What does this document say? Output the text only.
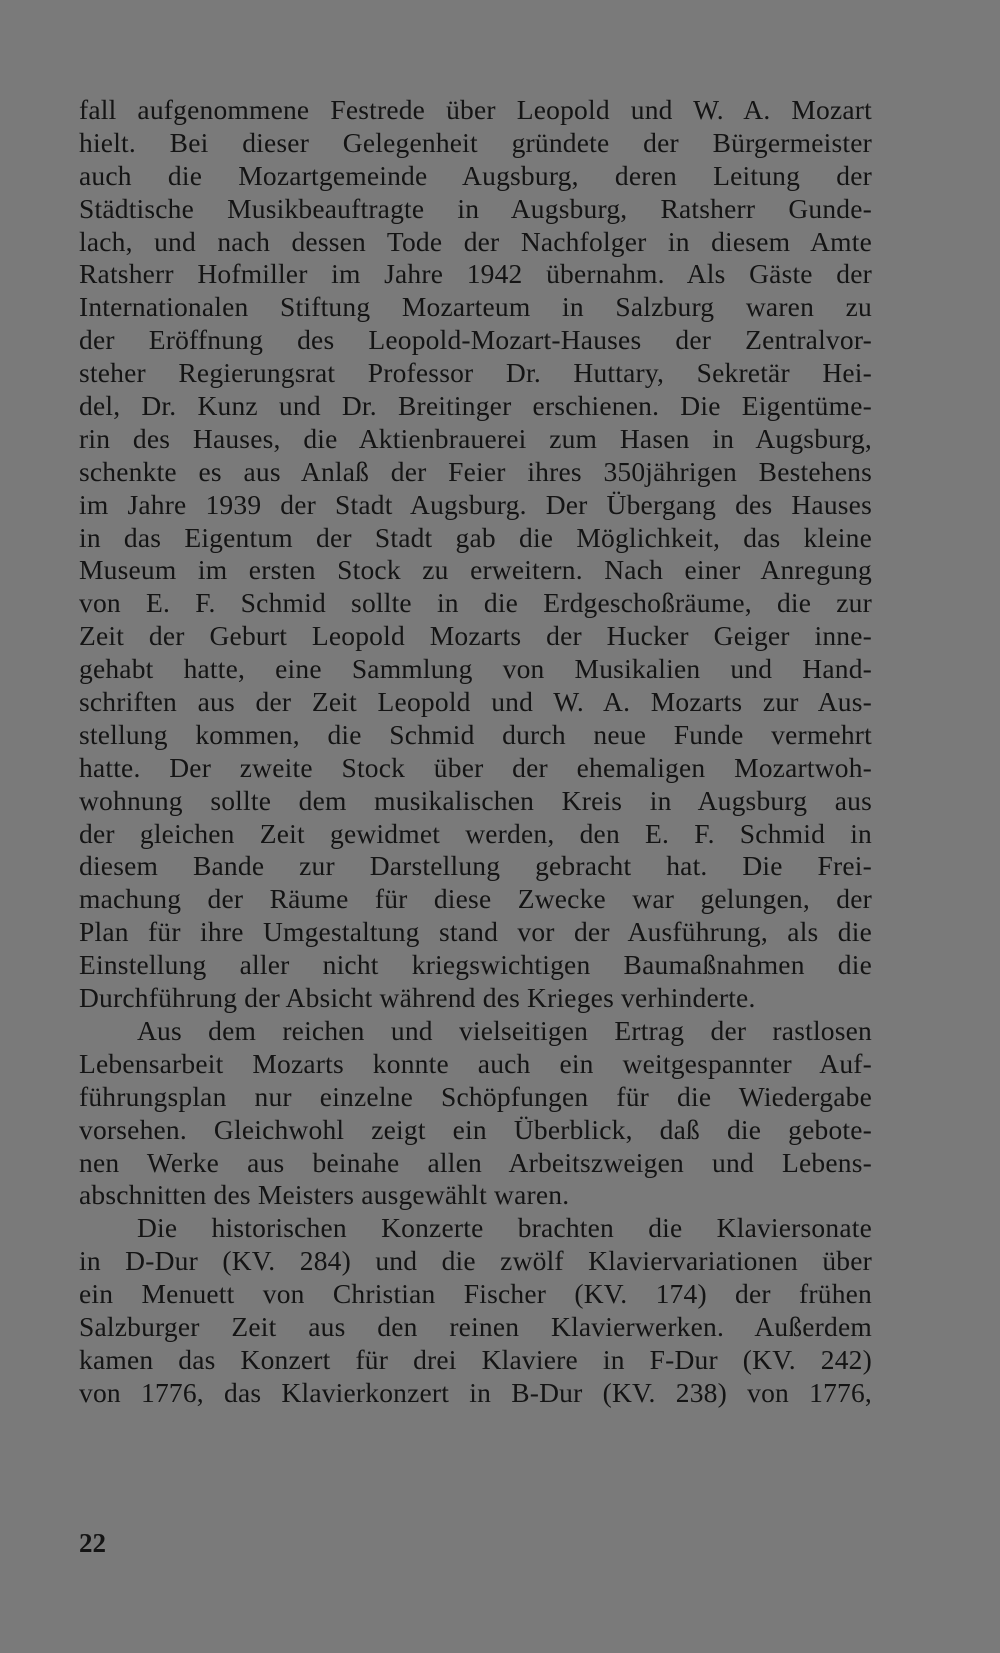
fall aufgenommene Festrede über Leopold und W. A. Mozart
hielt. Bei dieser Gelegenheit gründete der Bürgermeister
auch die Mozartgemeinde Augsburg, deren Leitung der
Städtische Musikbeauftragte in Augsburg, Ratsherr Gunde-
lach, und nach dessen Tode der Nachfolger in diesem Amte
Ratsherr Hofmiller im Jahre 1942 übernahm. Als Gäste der
Internationalen Stiftung Mozarteum in Salzburg waren zu
der Eröffnung des Leopold-Mozart-Hauses der Zentralvor-
steher Regierungsrat Professor Dr. Huttary, Sekretär Hei-
del, Dr. Kunz und Dr. Breitinger erschienen. Die Eigentüme-
rin des Hauses, die Aktienbrauerei zum Hasen in Augsburg,
schenkte es aus Anlaß der Feier ihres 350jährigen Bestehens
im Jahre 1939 der Stadt Augsburg. Der Übergang des Hauses
in das Eigentum der Stadt gab die Möglichkeit, das kleine
Museum im ersten Stock zu erweitern. Nach einer Anregung
von E. F. Schmid sollte in die Erdgeschoßräume, die zur
Zeit der Geburt Leopold Mozarts der Hucker Geiger inne-
gehabt hatte, eine Sammlung von Musikalien und Hand-
schriften aus der Zeit Leopold und W. A. Mozarts zur Aus-
stellung kommen, die Schmid durch neue Funde vermehrt
hatte. Der zweite Stock über der ehemaligen Mozartwoh-
wohnung sollte dem musikalischen Kreis in Augsburg aus
der gleichen Zeit gewidmet werden, den E. F. Schmid in
diesem Bande zur Darstellung gebracht hat. Die Frei-
machung der Räume für diese Zwecke war gelungen, der
Plan für ihre Umgestaltung stand vor der Ausführung, als die
Einstellung aller nicht kriegswichtigen Baumaßnahmen die
Durchführung der Absicht während des Krieges verhinderte.
Aus dem reichen und vielseitigen Ertrag der rastlosen
Lebensarbeit Mozarts konnte auch ein weitgespannter Auf-
führungsplan nur einzelne Schöpfungen für die Wiedergabe
vorsehen. Gleichwohl zeigt ein Überblick, daß die gebote-
nen Werke aus beinahe allen Arbeitszweigen und Lebens-
abschnitten des Meisters ausgewählt waren.
Die historischen Konzerte brachten die Klaviersonate
in D-Dur (KV. 284) und die zwölf Klaviervariationen über
ein Menuett von Christian Fischer (KV. 174) der frühen
Salzburger Zeit aus den reinen Klavierwerken. Außerdem
kamen das Konzert für drei Klaviere in F-Dur (KV. 242)
von 1776, das Klavierkonzert in B-Dur (KV. 238) von 1776,
22
